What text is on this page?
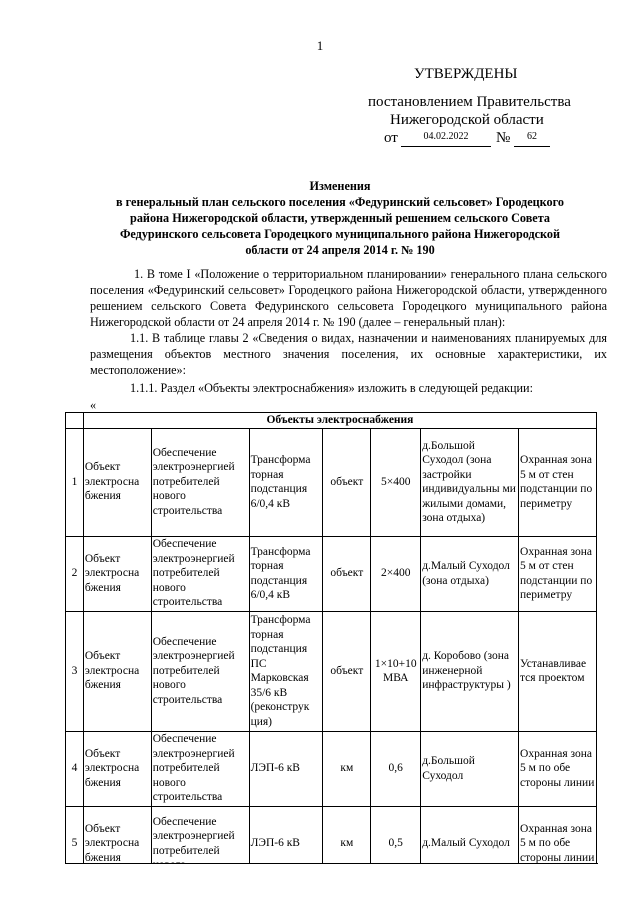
1
УТВЕРЖДЕНЫ
постановлением Правительства
Нижегородской области
от	04.02.2022	№	62
Изменения
в генеральный план сельского поселения «Федуринский сельсовет» Городецкого
района Нижегородской области, утвержденный решением сельского Совета
Федуринского сельсовета Городецкого муниципального района Нижегородской
области от 24 апреля 2014 г. № 190
1. В томе I «Положение о территориальном планировании» генерального плана сельского поселения «Федуринский сельсовет» Городецкого района Нижегородской области, утвержденного решением сельского Совета Федуринского сельсовета Городецкого муниципального района Нижегородской области от 24 апреля 2014 г. № 190 (далее – генеральный план):
1.1. В таблице главы 2 «Сведения о видах, назначении и наименованиях планируемых для размещения объектов местного значения поселения, их основные характеристики, их местоположение»:
1.1.1. Раздел «Объекты электроснабжения» изложить в следующей редакции:
«
	Объекты электроснабжения						
1	Объект электросна бжения	Обеспечение электроэнергией потребителей нового строительства	Трансформа торная подстанция 6/0,4 кВ	объект	5×400	д.Большой Суходол (зона застройки индивидуальны ми жилыми домами, зона отдыха)	Охранная зона 5 м от стен подстанции по периметру
2	Объект электросна бжения	Обеспечение электроэнергией потребителей нового строительства	Трансформа торная подстанция 6/0,4 кВ	объект	2×400	д.Малый Суходол (зона отдыха)	Охранная зона 5 м от стен подстанции по периметру
3	Объект электросна бжения	Обеспечение электроэнергией потребителей нового строительства	Трансформа торная подстанция ПС Марковская 35/6 кВ (реконструк ция)	объект	1×10+10 МВА	д. Коробово (зона инженерной инфраструктуры )	Устанавливае тся проектом
4	Объект электросна бжения	Обеспечение электроэнергией потребителей нового строительства	ЛЭП-6 кВ	км	0,6	д.Большой Суходол	Охранная зона 5 м по обе стороны линии
5	Объект электросна бжения	Обеспечение электроэнергией потребителей	ЛЭП-6 кВ	км	0,5	д.Малый Суходол	Охранная зона 5 м по обе стороны линии
